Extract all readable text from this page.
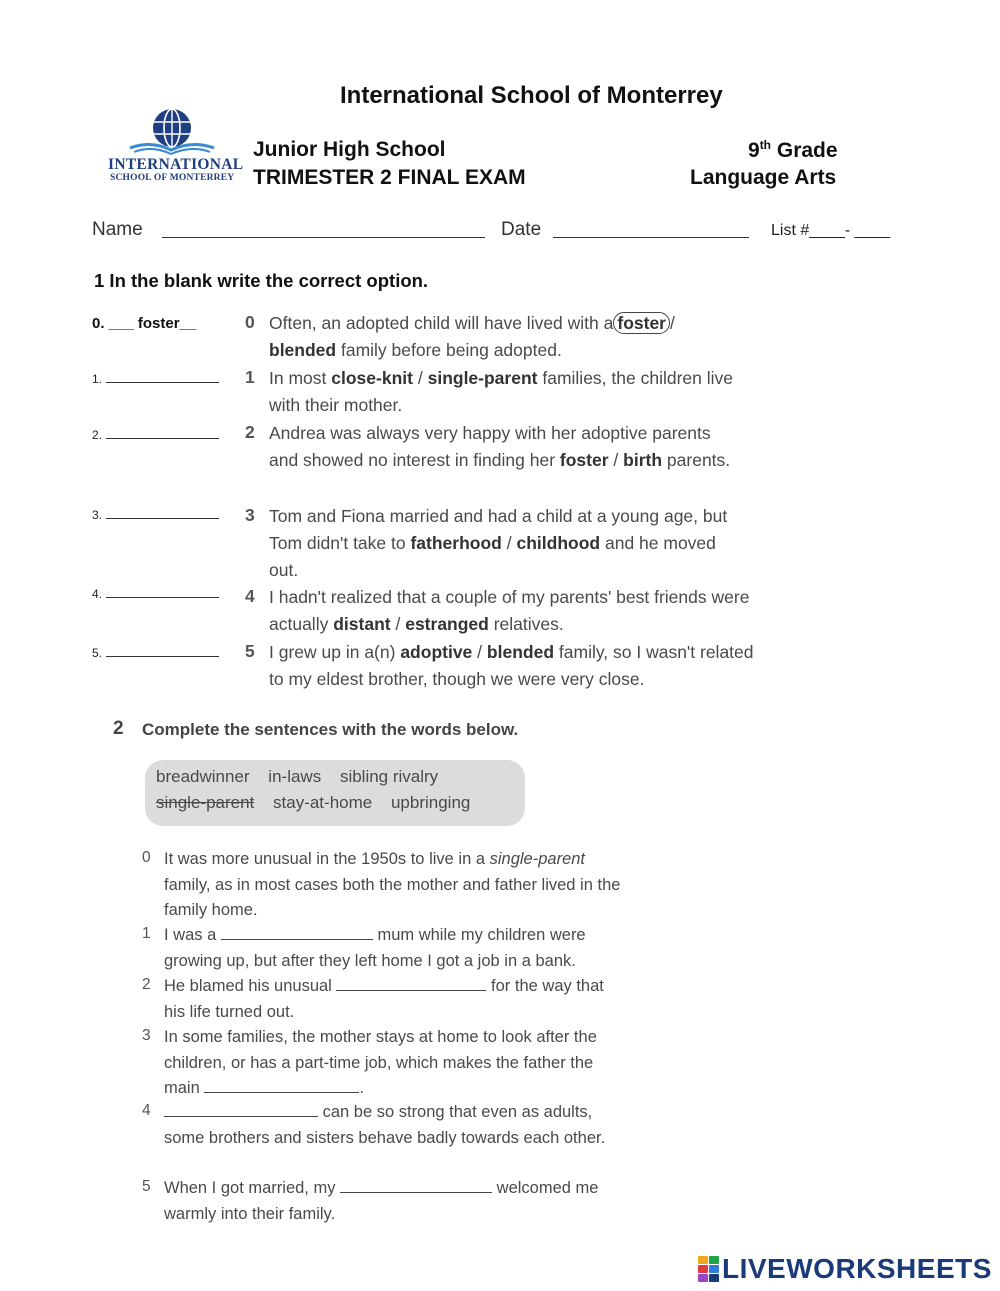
International School of Monterrey
INTERNATIONAL
SCHOOL OF MONTERREY
Junior High School
TRIMESTER 2 FINAL EXAM
9th Grade
Language Arts
Name	Date	List #____- ____
1 In the blank write the correct option.
0. ___ foster__
1.
2.
3.
4.
5.
0 Often, an adopted child will have lived with a foster / blended family before being adopted.
1 In most close-knit / single-parent families, the children live with their mother.
2 Andrea was always very happy with her adoptive parents and showed no interest in finding her foster / birth parents.
3 Tom and Fiona married and had a child at a young age, but Tom didn't take to fatherhood / childhood and he moved out.
4 I hadn't realized that a couple of my parents' best friends were actually distant / estranged relatives.
5 I grew up in a(n) adoptive / blended family, so I wasn't related to my eldest brother, though we were very close.
2 Complete the sentences with the words below.
breadwinner in-laws sibling rivalry
single-parent stay-at-home upbringing
0 It was more unusual in the 1950s to live in a single-parent family, as in most cases both the mother and father lived in the family home.
1 I was a	mum while my children were growing up, but after they left home I got a job in a bank.
2 He blamed his unusual	for the way that his life turned out.
3 In some families, the mother stays at home to look after the children, or has a part-time job, which makes the father the main	.
4	can be so strong that even as adults, some brothers and sisters behave badly towards each other.
5 When I got married, my	welcomed me warmly into their family.
LIVEWORKSHEETS
